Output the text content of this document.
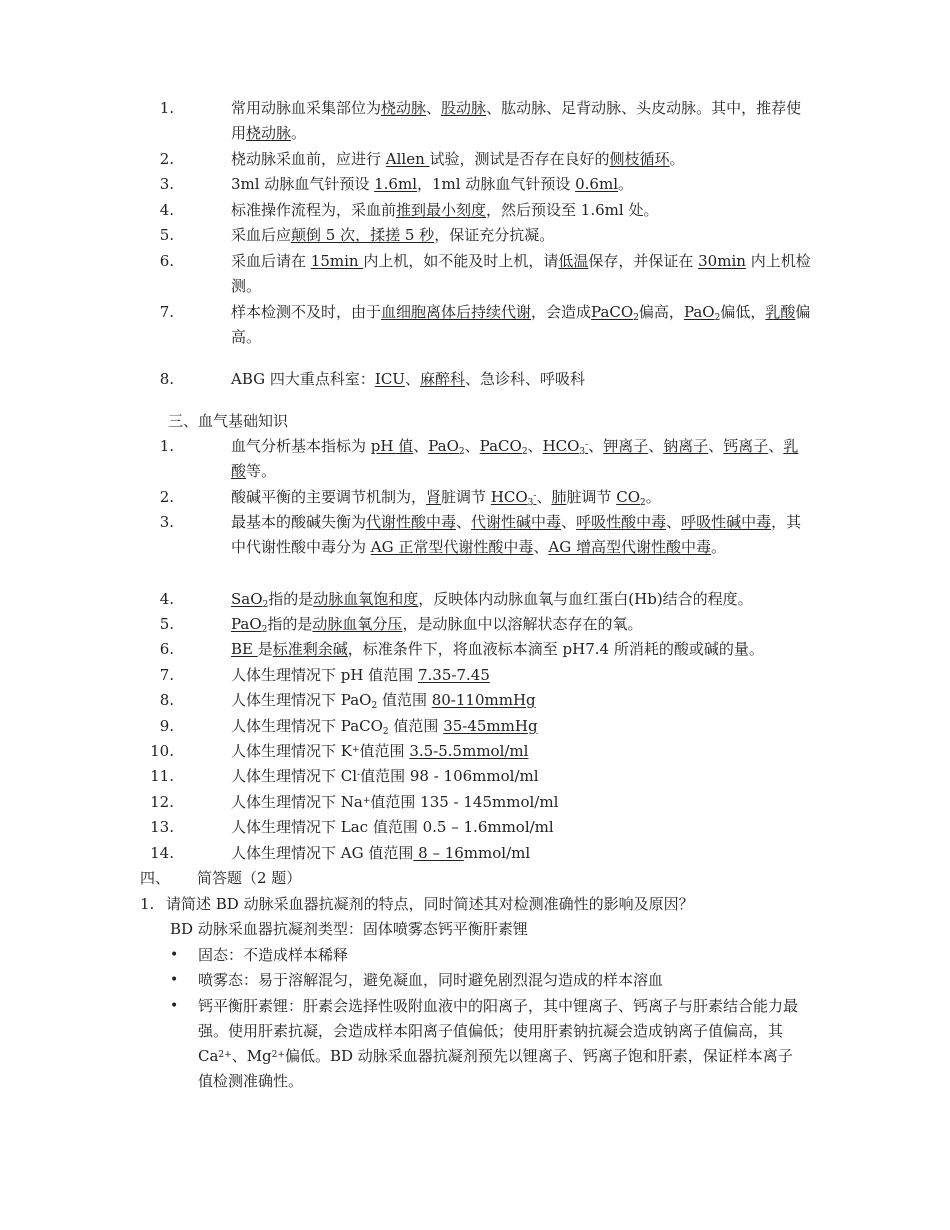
1.	常用动脉血采集部位为桡动脉、股动脉、肱动脉、足背动脉、头皮动脉。其中，推荐使用桡动脉。
2.	桡动脉采血前，应进行 Allen 试验，测试是否存在良好的侧枝循环。
3.	3ml 动脉血气针预设 1.6ml，1ml 动脉血气针预设 0.6ml。
4.	标准操作流程为，采血前推到最小刻度，然后预设至 1.6ml 处。
5.	采血后应颠倒 5 次，揉搓 5 秒，保证充分抗凝。
6.	采血后请在 15min 内上机，如不能及时上机，请低温保存，并保证在 30min 内上机检测。
7.	样本检测不及时，由于血细胞离体后持续代谢，会造成PaCO$_2$偏高，PaO$_2$偏低，乳酸偏高。
8.	ABG 四大重点科室：ICU、麻醉科、急诊科、呼吸科
三、血气基础知识
1.	血气分析基本指标为 pH 值、PaO$_2$、PaCO$_2$、$HCO_3^-$、钾离子、钠离子、钙离子、乳酸等。
2.	酸碱平衡的主要调节机制为，肾脏调节 $HCO_3^-$、肺脏调节 $CO_2$。
3.	最基本的酸碱失衡为代谢性酸中毒、代谢性碱中毒、呼吸性酸中毒、呼吸性碱中毒，其中代谢性酸中毒分为 AG 正常型代谢性酸中毒、AG 增高型代谢性酸中毒。
4.	SaO$_2$指的是动脉血氧饱和度，反映体内动脉血氧与血红蛋白(Hb)结合的程度。
5.	PaO$_2$指的是动脉血氧分压，是动脉血中以溶解状态存在的氧。
6.	BE 是标准剩余碱，标准条件下，将血液标本滴至 pH7.4 所消耗的酸或碱的量。
7.	人体生理情况下 pH 值范围 7.35-7.45
8.	人体生理情况下 PaO$_2$ 值范围 80-110mmHg
9.	人体生理情况下 PaCO$_2$ 值范围 35-45mmHg
10.	人体生理情况下 K+值范围 3.5-5.5mmol/ml
11.	人体生理情况下 Cl-值范围 98 - 106mmol/ml
12.	人体生理情况下 Na+值范围 135 - 145mmol/ml
13.	人体生理情况下 Lac 值范围 0.5 – 1.6mmol/ml
14.	人体生理情况下 AG 值范围 8 – 16mmol/ml
四、 简答题（2 题）
1. 请简述 BD 动脉采血器抗凝剂的特点，同时简述其对检测准确性的影响及原因？
BD 动脉采血器抗凝剂类型：固体喷雾态钙平衡肝素锂
• 固态：不造成样本稀释
• 喷雾态：易于溶解混匀，避免凝血，同时避免剧烈混匀造成的样本溶血
• 钙平衡肝素锂：肝素会选择性吸附血液中的阳离子，其中锂离子、钙离子与肝素结合能力最强。使用肝素抗凝，会造成样本阳离子值偏低；使用肝素钠抗凝会造成钠离子值偏高，其 $Ca^{2+}$、$Mg^{2+}$偏低。BD 动脉采血器抗凝剂预先以锂离子、钙离子饱和肝素，保证样本离子值检测准确性。
